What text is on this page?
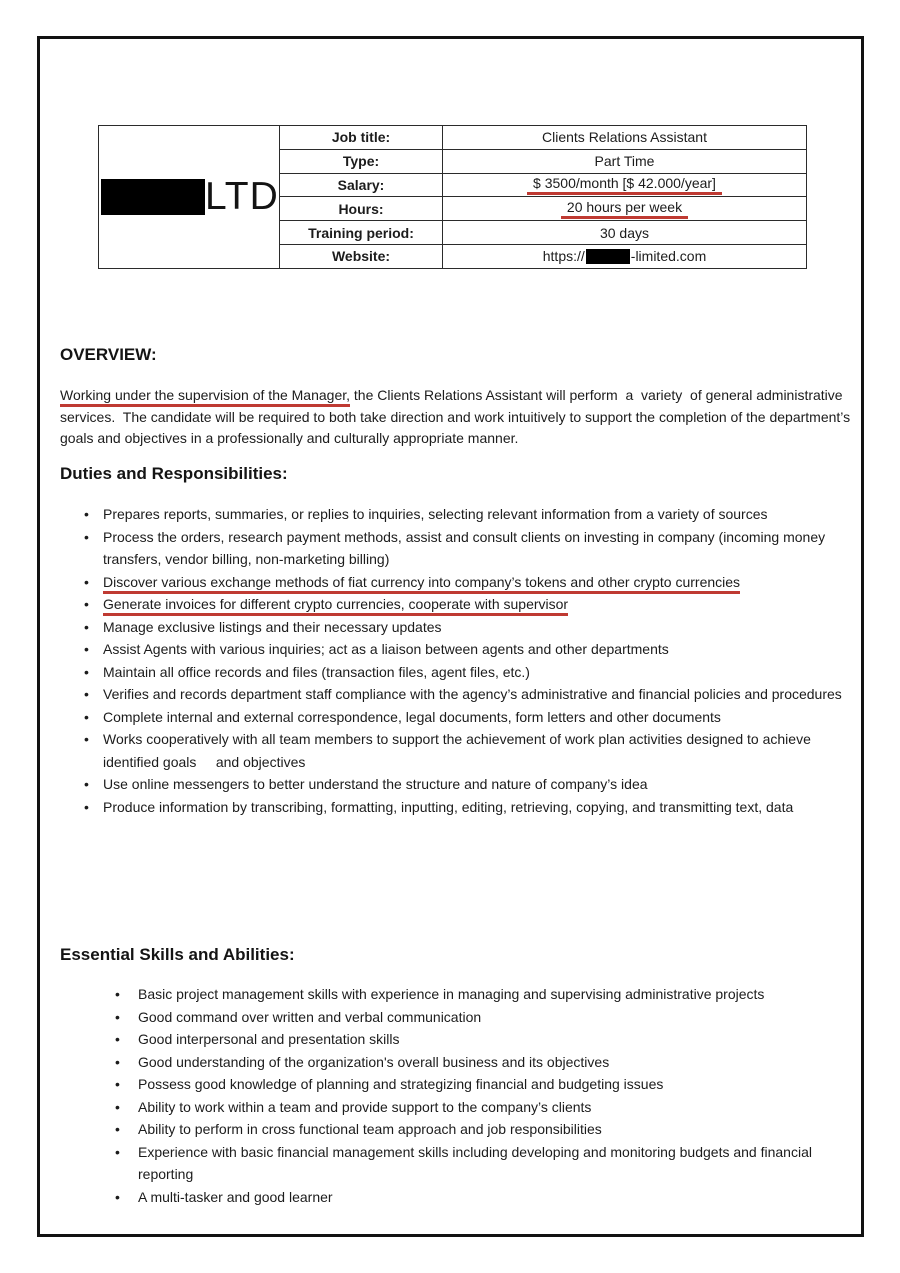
LTD	Job title:	Clients Relations Assistant
	Type:	Part Time
	Salary:	$ 3500/month [$ 42.000/year]
	Hours:	20 hours per week
	Training period:	30 days
	Website:	https:// -limited.com
OVERVIEW:

Working under the supervision of the Manager, the Clients Relations Assistant will perform  a  variety  of general administrative services.  The candidate will be required to both take direction and work intuitively to support the completion of the department’s goals and objectives in a professionally and culturally appropriate manner.

Duties and Responsibilities:
• Prepares reports, summaries, or replies to inquiries, selecting relevant information from a variety of sources
• Process the orders, research payment methods, assist and consult clients on investing in company (incoming money transfers, vendor billing, non-marketing billing)
• Discover various exchange methods of fiat currency into company’s tokens and other crypto currencies
• Generate invoices for different crypto currencies, cooperate with supervisor
• Manage exclusive listings and their necessary updates
• Assist Agents with various inquiries; act as a liaison between agents and other departments
• Maintain all office records and files (transaction files, agent files, etc.)
• Verifies and records department staff compliance with the agency’s administrative and financial policies and procedures
• Complete internal and external correspondence, legal documents, form letters and other documents
• Works cooperatively with all team members to support the achievement of work plan activities designed to achieve identified goals     and objectives
• Use online messengers to better understand the structure and nature of company’s idea
• Produce information by transcribing, formatting, inputting, editing, retrieving, copying, and transmitting text, data
Essential Skills and Abilities:
• Basic project management skills with experience in managing and supervising administrative projects
• Good command over written and verbal communication
• Good interpersonal and presentation skills
• Good understanding of the organization's overall business and its objectives
• Possess good knowledge of planning and strategizing financial and budgeting issues
• Ability to work within a team and provide support to the company’s clients
• Ability to perform in cross functional team approach and job responsibilities
• Experience with basic financial management skills including developing and monitoring budgets and financial reporting
• A multi-tasker and good learner
